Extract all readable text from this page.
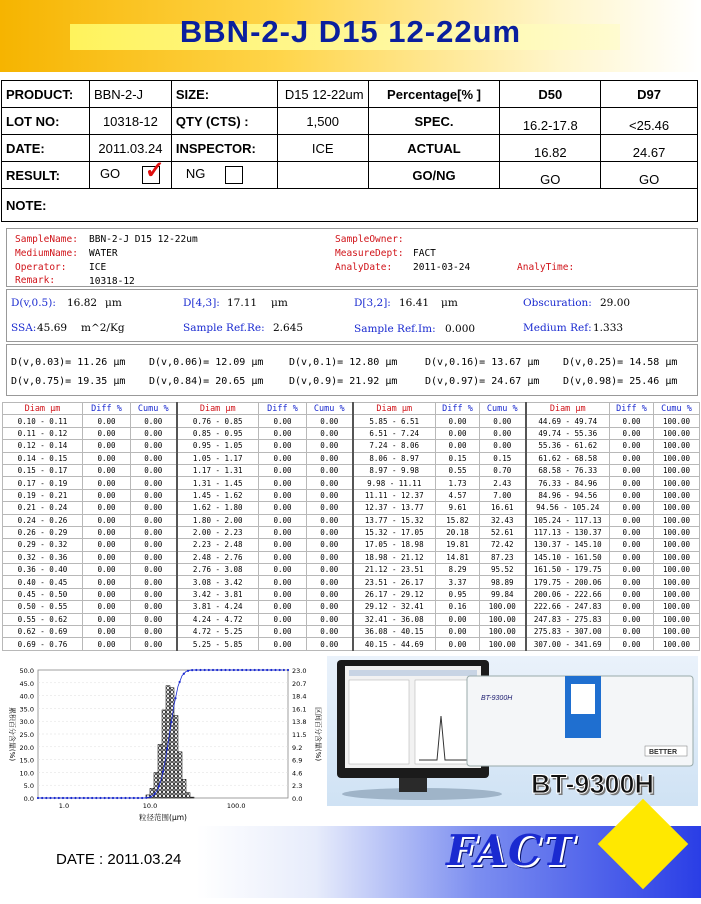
BBN-2-J D15 12-22um
PRODUCT:	BBN-2-J	SIZE:	D15 12-22um	Percentage[% ]	D50	D97
LOT NO:	10318-12	QTY (CTS) :	1,500	SPEC.	16.2-17.8	<25.46
DATE:	2011.03.24	INSPECTOR:	ICE	ACTUAL	16.82	24.67
RESULT:	GO ✓	NG		GO/NG	GO	GO
NOTE:						
SampleName: BBN-2-J D15 12-22um
MediumName: WATER
Operator: ICE
Remark:	10318-12
SampleOwner:
MeasureDept: FACT
AnalyDate: 2011-03-24	AnalyTime:
D(v,0.5): 16.82 μm	D[4,3]: 17.11 μm	D[3,2]: 16.41 μm	Obscuration: 29.00
SSA: 45.69 m^2/Kg	Sample Ref.Re: 2.645	Sample Ref.Im: 0.000	Medium Ref: 1.333
D(v,0.03)= 11.26 μm D(v,0.06)= 12.09 μm	D(v,0.1)= 12.80 μm	D(v,0.16)= 13.67 μm D(v,0.25)= 14.58 μm
D(v,0.75)= 19.35 μm D(v,0.84)= 20.65 μm	D(v,0.9)= 21.92 μm	D(v,0.97)= 24.67 μm D(v,0.98)= 25.46 μm
Diam μm	Diff %	Cumu %	Diam μm	Diff %	Cumu %	Diam μm	Diff %	Cumu %	Diam μm	Diff %	Cumu %
0.10 - 0.11	0.00	0.00	0.76 - 0.85	0.00	0.00	5.85 - 6.51	0.00	0.00	44.69 - 49.74	0.00	100.00
0.11 - 0.12	0.00	0.00	0.85 - 0.95	0.00	0.00	6.51 - 7.24	0.00	0.00	49.74 - 55.36	0.00	100.00
0.12 - 0.14	0.00	0.00	0.95 - 1.05	0.00	0.00	7.24 - 8.06	0.00	0.00	55.36 - 61.62	0.00	100.00
0.14 - 0.15	0.00	0.00	1.05 - 1.17	0.00	0.00	8.06 - 8.97	0.15	0.15	61.62 - 68.58	0.00	100.00
0.15 - 0.17	0.00	0.00	1.17 - 1.31	0.00	0.00	8.97 - 9.98	0.55	0.70	68.58 - 76.33	0.00	100.00
0.17 - 0.19	0.00	0.00	1.31 - 1.45	0.00	0.00	9.98 - 11.11	1.73	2.43	76.33 - 84.96	0.00	100.00
0.19 - 0.21	0.00	0.00	1.45 - 1.62	0.00	0.00	11.11 - 12.37	4.57	7.00	84.96 - 94.56	0.00	100.00
0.21 - 0.24	0.00	0.00	1.62 - 1.80	0.00	0.00	12.37 - 13.77	9.61	16.61	94.56 - 105.24	0.00	100.00
0.24 - 0.26	0.00	0.00	1.80 - 2.00	0.00	0.00	13.77 - 15.32	15.82	32.43	105.24 - 117.13	0.00	100.00
0.26 - 0.29	0.00	0.00	2.00 - 2.23	0.00	0.00	15.32 - 17.05	20.18	52.61	117.13 - 130.37	0.00	100.00
0.29 - 0.32	0.00	0.00	2.23 - 2.48	0.00	0.00	17.05 - 18.98	19.81	72.42	130.37 - 145.10	0.00	100.00
0.32 - 0.36	0.00	0.00	2.48 - 2.76	0.00	0.00	18.98 - 21.12	14.81	87.23	145.10 - 161.50	0.00	100.00
0.36 - 0.40	0.00	0.00	2.76 - 3.08	0.00	0.00	21.12 - 23.51	8.29	95.52	161.50 - 179.75	0.00	100.00
0.40 - 0.45	0.00	0.00	3.08 - 3.42	0.00	0.00	23.51 - 26.17	3.37	98.89	179.75 - 200.06	0.00	100.00
0.45 - 0.50	0.00	0.00	3.42 - 3.81	0.00	0.00	26.17 - 29.12	0.95	99.84	200.06 - 222.66	0.00	100.00
0.50 - 0.55	0.00	0.00	3.81 - 4.24	0.00	0.00	29.12 - 32.41	0.16	100.00	222.66 - 247.83	0.00	100.00
0.55 - 0.62	0.00	0.00	4.24 - 4.72	0.00	0.00	32.41 - 36.08	0.00	100.00	247.83 - 275.83	0.00	100.00
0.62 - 0.69	0.00	0.00	4.72 - 5.25	0.00	0.00	36.08 - 40.15	0.00	100.00	275.83 - 307.00	0.00	100.00
0.69 - 0.76	0.00	0.00	5.25 - 5.85	0.00	0.00	40.15 - 44.69	0.00	100.00	307.00 - 341.69	0.00	100.00
50.0
45.0
40.0
35.0
30.0
25.0
20.0
15.0
10.0
5.0
0.0
23.0
20.7
18.4
16.1
13.8
11.5
9.2
6.9
4.6
2.3
0.0
1.0	10.0	100.0
粒径范围(μm)
累积百分含量(%)	区间百分含量(%)
BT-9300H
BETTER
BT-9300H
DATE : 2011.03.24	FACT
